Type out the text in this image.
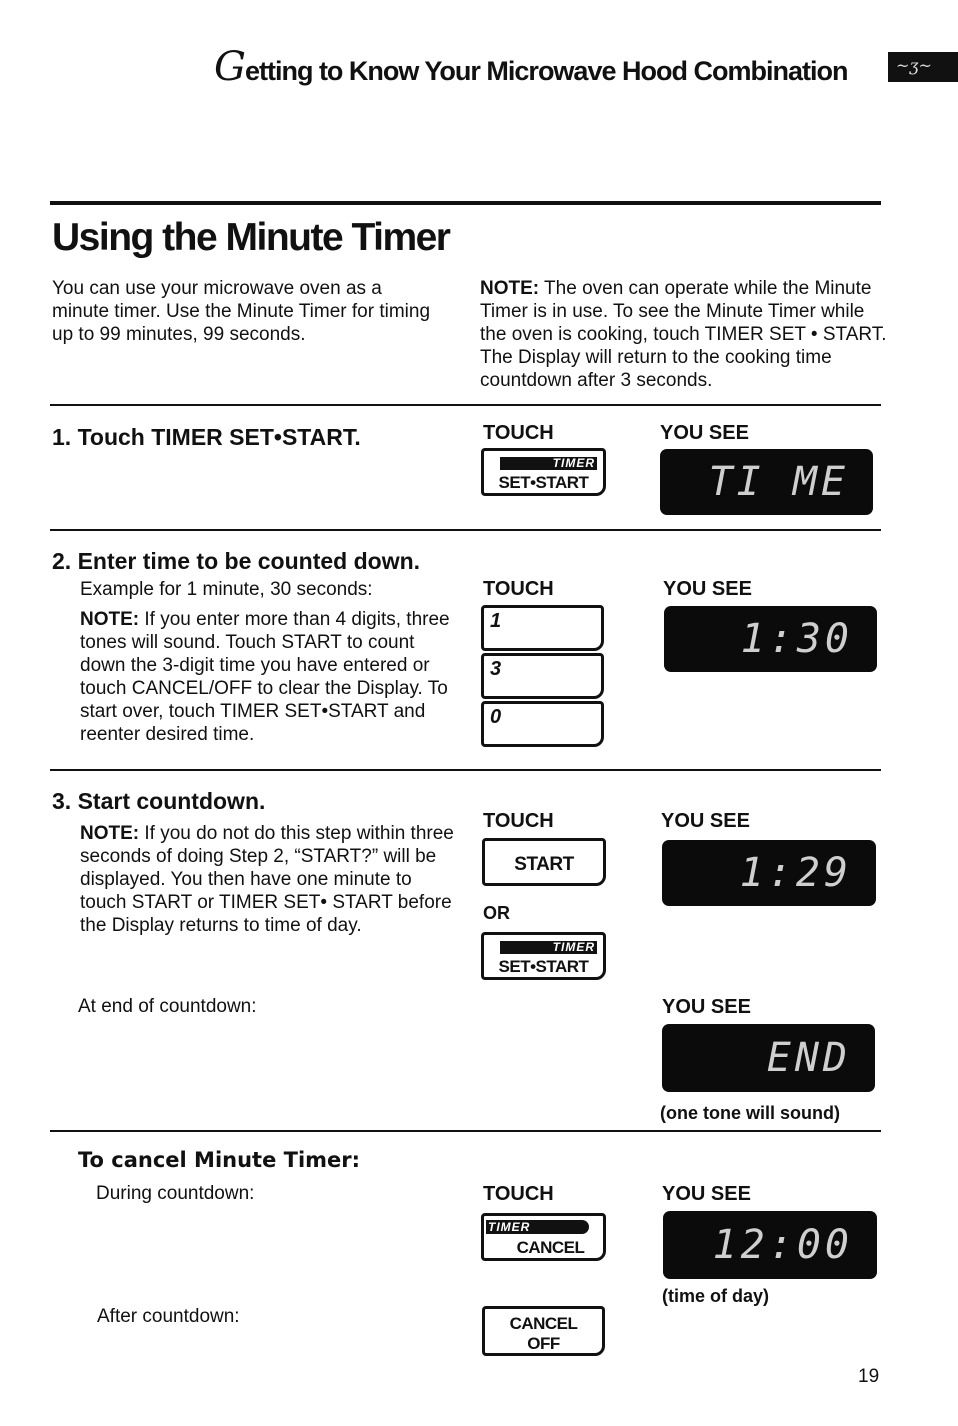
Getting to Know Your Microwave Hood Combination	~ʒ~
Using the Minute Timer
You can use your microwave oven as a minute timer. Use the Minute Timer for timing up to 99 minutes, 99 seconds.
NOTE: The oven can operate while the Minute Timer is in use. To see the Minute Timer while the oven is cooking, touch TIMER SET • START. The Display will return to the cooking time countdown after 3 seconds.
1. Touch TIMER SET•START.	TOUCH	YOU SEE
TIMER
SET•START	TI ME
2. Enter time to be counted down.
Example for 1 minute, 30 seconds:
NOTE: If you enter more than 4 digits, three tones will sound. Touch START to count down the 3-digit time you have entered or touch CANCEL/OFF to clear the Display. To start over, touch TIMER SET•START and reenter desired time.
TOUCH	YOU SEE
1
3
0
1:30
3. Start countdown.
NOTE: If you do not do this step within three seconds of doing Step 2, “START?” will be displayed. You then have one minute to touch START or TIMER SET• START before the Display returns to time of day.
TOUCH	YOU SEE
START
OR
TIMER
SET•START
1:29
At end of countdown:	YOU SEE
END
(one tone will sound)
To cancel Minute Timer:
During countdown:	TOUCH	YOU SEE
TIMER
CANCEL	12:00
(time of day)
After countdown:	CANCEL
OFF
19
